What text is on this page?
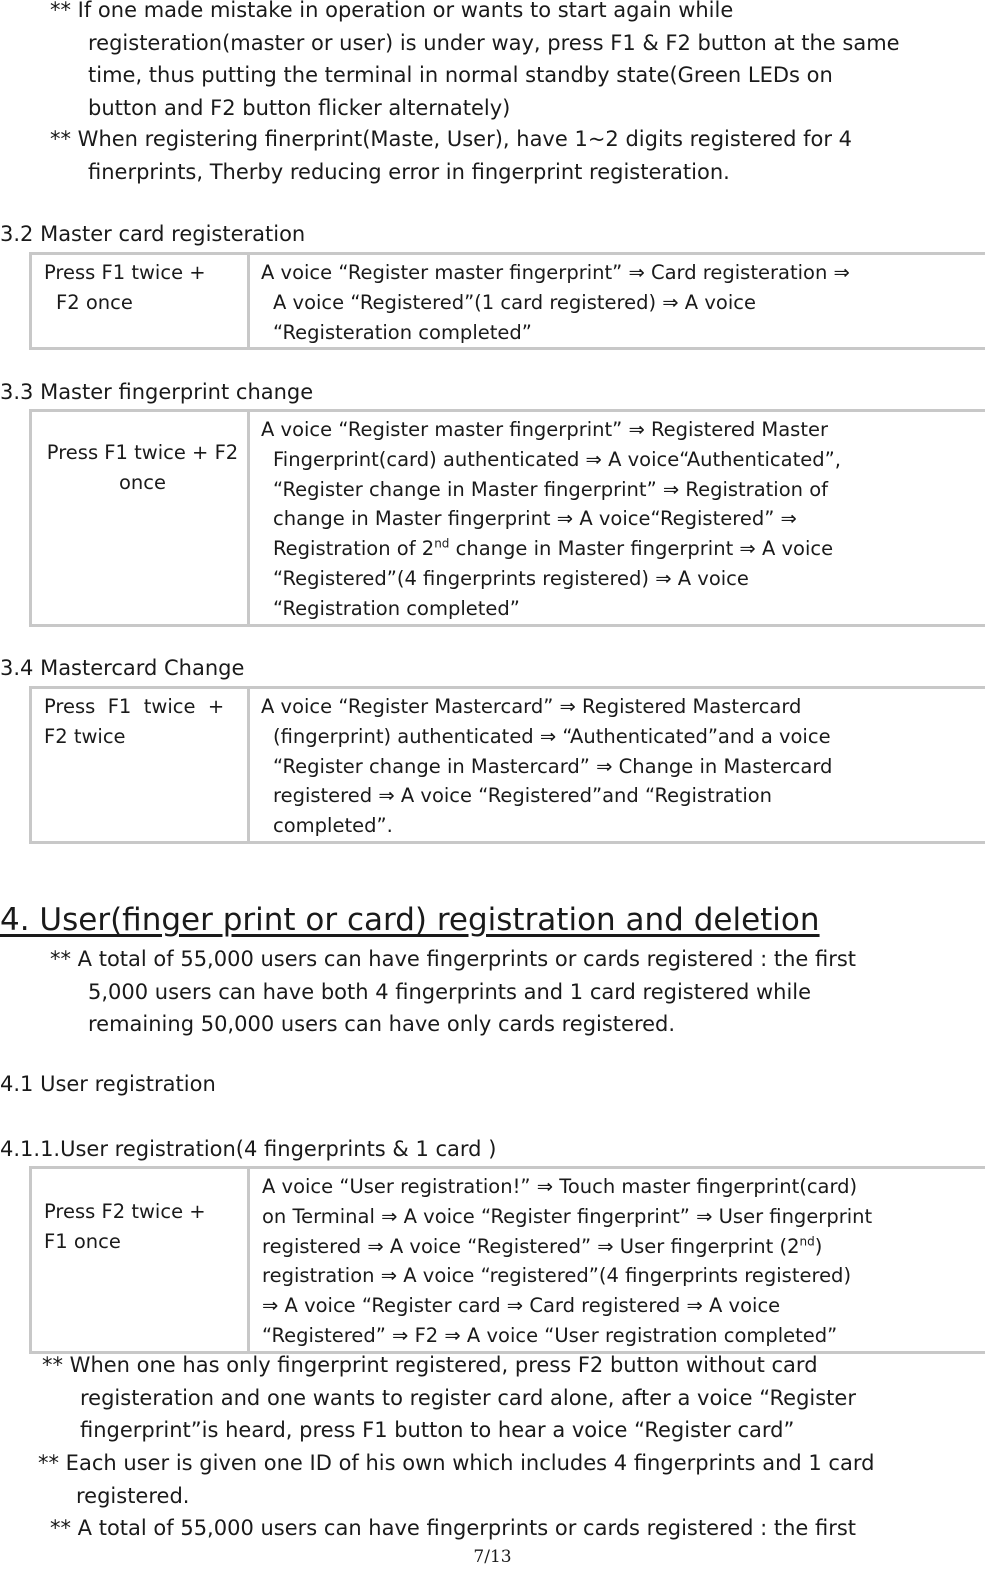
** If one made mistake in operation or wants to start again while
registeration(master or user) is under way, press F1 & F2 button at the same
time, thus putting the terminal in normal standby state(Green LEDs on
button and F2 button flicker alternately)
** When registering finerprint(Maste, User), have 1~2 digits registered for 4
finerprints, Therby reducing error in fingerprint registeration.
3.2 Master card registeration
Press F1 twice +
F2 once

A voice “Register master fingerprint” ⇒ Card registeration ⇒
A voice “Registered”(1 card registered) ⇒ A voice
“Registeration completed”
3.3 Master fingerprint change
Press F1 twice + F2
once

A voice “Register master fingerprint” ⇒ Registered Master
Fingerprint(card) authenticated ⇒ A voice“Authenticated”,
“Register change in Master fingerprint” ⇒ Registration of
change in Master fingerprint ⇒ A voice“Registered” ⇒
Registration of 2nd change in Master fingerprint ⇒ A voice
“Registered”(4 fingerprints registered) ⇒ A voice
“Registration completed”
3.4 Mastercard Change
Press  F1  twice  +
F2 twice

A voice “Register Mastercard” ⇒ Registered Mastercard
(fingerprint) authenticated ⇒ “Authenticated”and a voice
“Register change in Mastercard” ⇒ Change in Mastercard
registered ⇒ A voice “Registered”and “Registration
completed”.
4. User(finger print or card) registration and deletion
** A total of 55,000 users can have fingerprints or cards registered : the first
5,000 users can have both 4 fingerprints and 1 card registered while
remaining 50,000 users can have only cards registered.
4.1 User registration
4.1.1.User registration(4 fingerprints & 1 card )
Press F2 twice +
F1 once

A voice “User registration!” ⇒ Touch master fingerprint(card)
on Terminal ⇒ A voice “Register fingerprint” ⇒ User fingerprint
registered ⇒ A voice “Registered” ⇒ User fingerprint (2nd)
registration ⇒ A voice “registered”(4 fingerprints registered)
⇒ A voice “Register card ⇒ Card registered ⇒ A voice
“Registered” ⇒ F2 ⇒ A voice “User registration completed”
** When one has only fingerprint registered, press F2 button without card
registeration and one wants to register card alone, after a voice “Register
fingerprint”is heard, press F1 button to hear a voice “Register card”
** Each user is given one ID of his own which includes 4 fingerprints and 1 card
registered.
** A total of 55,000 users can have fingerprints or cards registered : the first
7/13
